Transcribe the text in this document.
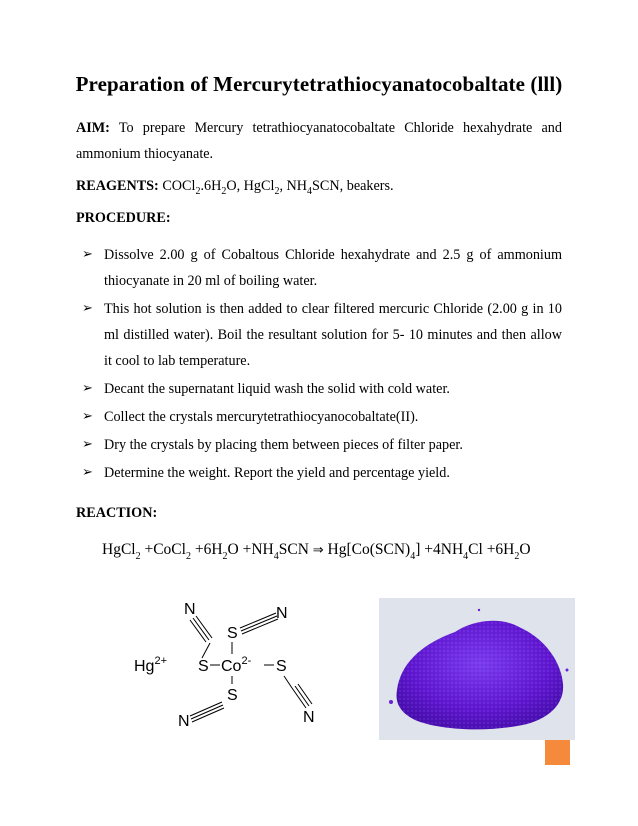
Preparation of Mercurytetrathiocyanatocobaltate (lll)
AIM: To prepare Mercury tetrathiocyanatocobaltate Chloride hexahydrate and
ammonium thiocyanate.
REAGENTS: $COCl_2.6H_2O$, HgCl$_2$, $NH_4SCN$, beakers.
PROCEDURE:
➢ Dissolve 2.00 g of Cobaltous Chloride hexahydrate and 2.5 g of ammonium thiocyanate in 20 ml of boiling water.
➢ This hot solution is then added to clear filtered mercuric Chloride (2.00 g in 10 ml distilled water). Boil the resultant solution for 5- 10 minutes and then allow it cool to lab temperature.
➢ Decant the supernatant liquid wash the solid with cold water.
➢ Collect the crystals mercurytetrathiocyanocobaltate(II).
➢ Dry the crystals by placing them between pieces of filter paper.
➢ Determine the weight. Report the yield and percentage yield.
REACTION:
HgCl$_2$ +CoCl$_2$ $+6H_2O +NH_4SCN$ ⇒ $Hg[Co(SCN)_4] +4NH_4Cl +6H_2O$
N
S
N
$Hg^{2+}$ S $Co^{2-}$ S
N
S
N
